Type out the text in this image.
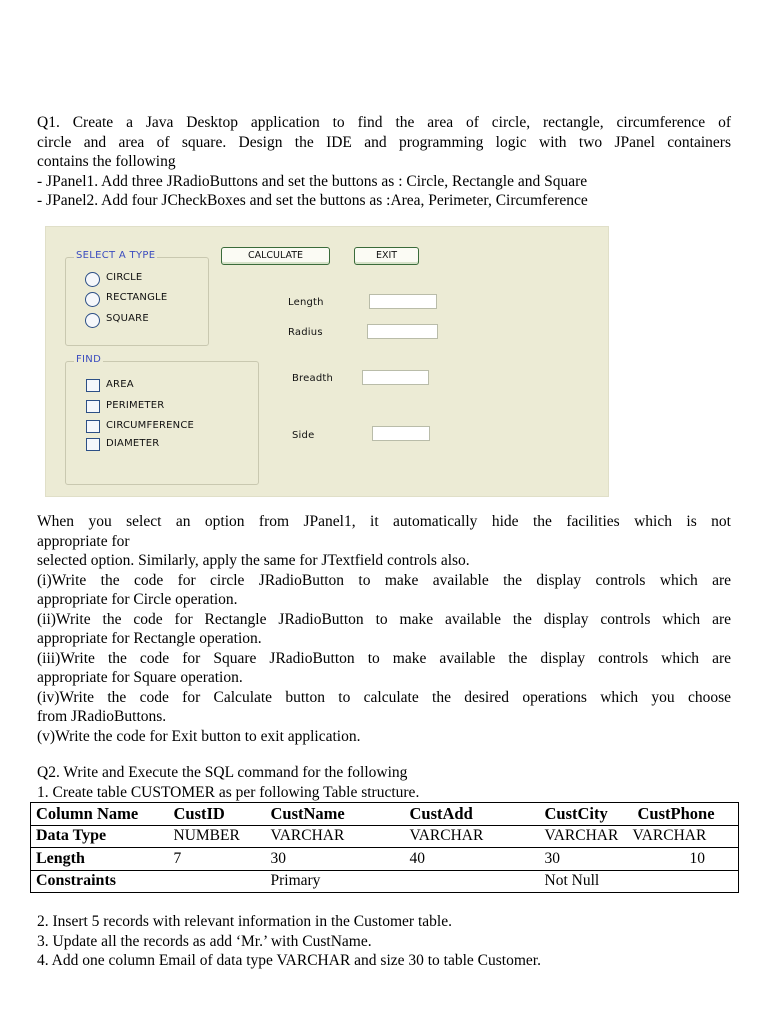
Q1. Create a Java Desktop application to find the area of circle, rectangle, circumference of
circle and area of square. Design the IDE and programming logic with two JPanel containers
contains the following
- JPanel1. Add three JRadioButtons and set the buttons as : Circle, Rectangle and Square
- JPanel2. Add four JCheckBoxes and set the buttons as :Area, Perimeter, Circumference
SELECT A TYPE
CIRCLE
RECTANGLE
SQUARE
FIND
AREA
PERIMETER
CIRCUMFERENCE
DIAMETER
CALCULATE	EXIT
Length
Radius
Breadth
Side
When you select an option from JPanel1, it automatically hide the facilities which is not
appropriate for
selected option. Similarly, apply the same for JTextfield controls also.
(i)Write the code for circle JRadioButton to make available the display controls which are
appropriate for Circle operation.
(ii)Write the code for Rectangle JRadioButton to make available the display controls which are
appropriate for Rectangle operation.
(iii)Write the code for Square JRadioButton to make available the display controls which are
appropriate for Square operation.
(iv)Write the code for Calculate button to calculate the desired operations which you choose
from JRadioButtons.
(v)Write the code for Exit button to exit application.
Q2. Write and Execute the SQL command for the following
1. Create table CUSTOMER as per following Table structure.
Column Name	CustID	CustName	CustAdd	CustCity	CustPhone
Data Type	NUMBER	VARCHAR	VARCHAR	VARCHAR	VARCHAR
Length	7	30	40	30	10
Constraints		Primary		Not Null	
2. Insert 5 records with relevant information in the Customer table.
3. Update all the records as add ‘Mr.’ with CustName.
4. Add one column Email of data type VARCHAR and size 30 to table Customer.
